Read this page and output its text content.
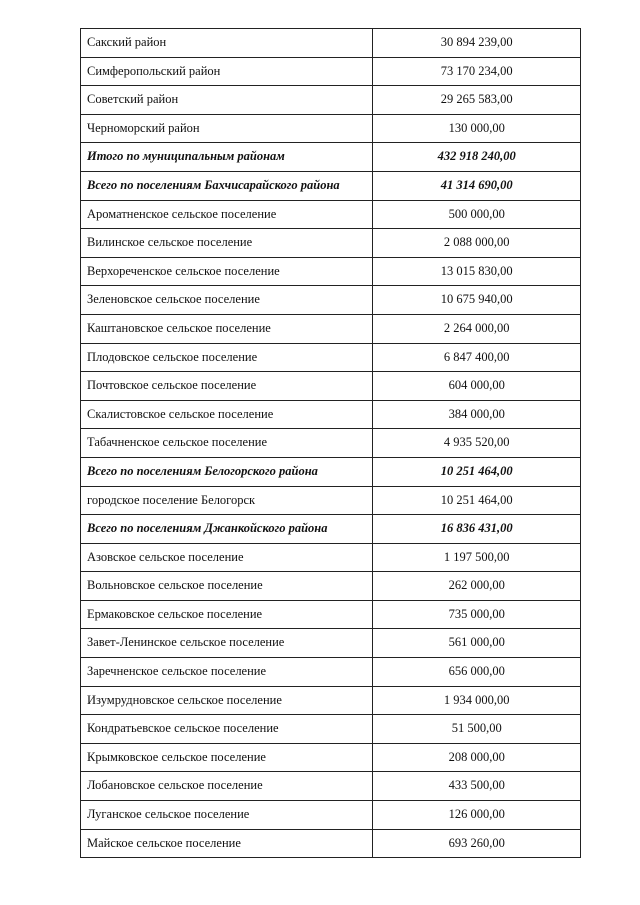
Сакский район	30 894 239,00
Симферопольский район	73 170 234,00
Советский район	29 265 583,00
Черноморский район	130 000,00
Итого по муниципальным районам	432 918 240,00
Всего по поселениям Бахчисарайского района	41 314 690,00
Ароматненское сельское поселение	500 000,00
Вилинское сельское поселение	2 088 000,00
Верхореченское сельское поселение	13 015 830,00
Зеленовское сельское поселение	10 675 940,00
Каштановское сельское поселение	2 264 000,00
Плодовское сельское поселение	6 847 400,00
Почтовское сельское поселение	604 000,00
Скалистовское сельское поселение	384 000,00
Табачненское сельское поселение	4 935 520,00
Всего по поселениям Белогорского района	10 251 464,00
городское поселение Белогорск	10 251 464,00
Всего по поселениям Джанкойского района	16 836 431,00
Азовское сельское поселение	1 197 500,00
Вольновское сельское поселение	262 000,00
Ермаковское сельское поселение	735 000,00
Завет-Ленинское сельское поселение	561 000,00
Заречненское сельское поселение	656 000,00
Изумрудновское сельское поселение	1 934 000,00
Кондратьевское сельское поселение	51 500,00
Крымковское сельское поселение	208 000,00
Лобановское сельское поселение	433 500,00
Луганское сельское поселение	126 000,00
Майское сельское поселение	693 260,00
